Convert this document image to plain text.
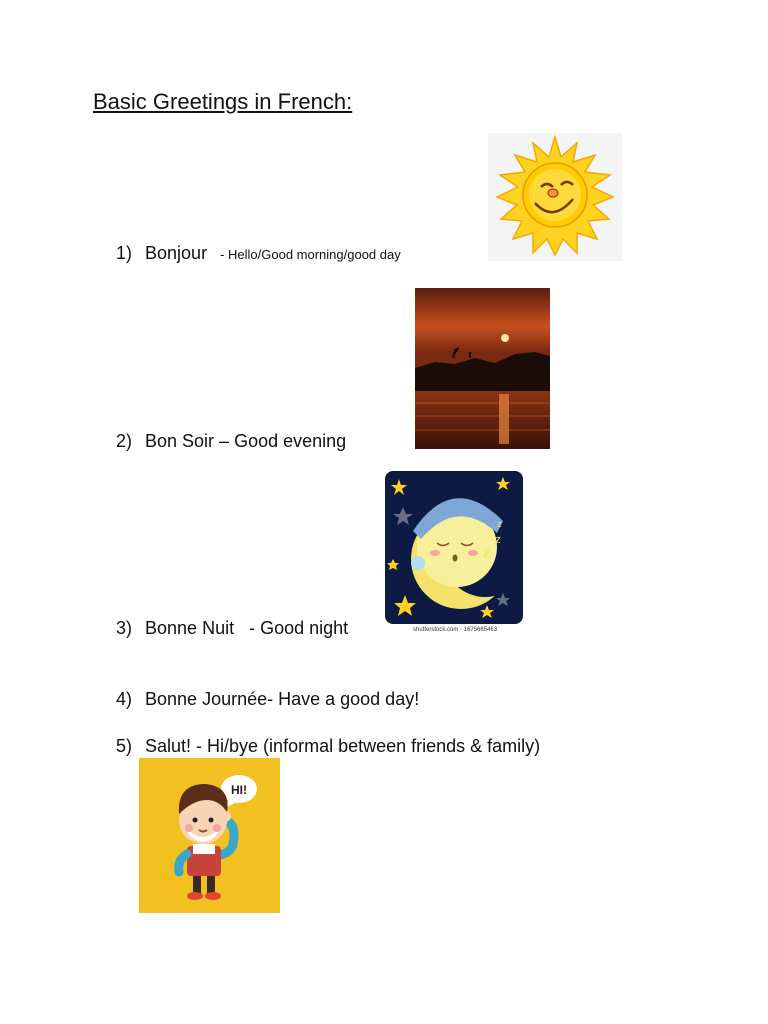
Basic Greetings in French:
1) Bonjour - Hello/Good morning/good day
2) Bon Soir – Good evening
z
z
z
shutterstock.com · 1675665463
3) Bonne Nuit   - Good night
4) Bonne Journée- Have a good day!
5) Salut! - Hi/bye (informal between friends & family)
HI!
